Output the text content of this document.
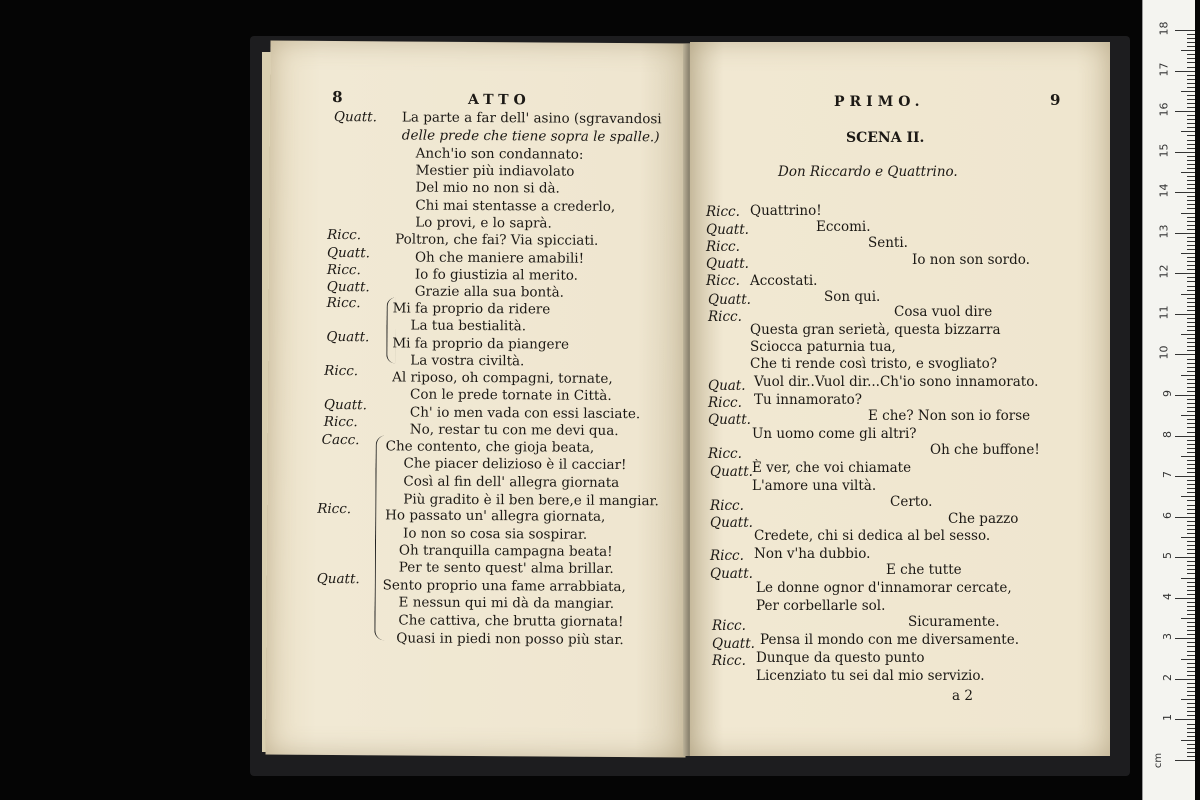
8	ATTO
Quatt. La parte a far dell' asino (sgravandosi
delle prede che tiene sopra le spalle.)
Anch'io son condannato:
Mestier più indiavolato
Del mio no non si dà.
Chi mai stentasse a crederlo,
Lo provi, e lo saprà.
Ricc.	Poltron, che fai? Via spicciati.
Quatt.	Oh che maniere amabili!
Ricc.	Io fo giustizia al merito.
Quatt.	Grazie alla sua bontà.
Ricc. Mi fa proprio da ridere
La tua bestialità.
Quatt. Mi fa proprio da piangere
La vostra civiltà.
Ricc.	Al riposo, oh compagni, tornate,
Con le prede tornate in Città.
Quatt.	Ch' io men vada con essi lasciate.
Ricc.	No, restar tu con me devi qua.
Cacc. Che contento, che gioja beata,
Che piacer delizioso è il cacciar!
Così al fin dell' allegra giornata
Più gradito è il ben bere,e il mangiar.
Ricc.	Ho passato un' allegra giornata,
Io non so cosa sia sospirar.
Oh tranquilla campagna beata!
Per te sento quest' alma brillar.
Quatt. Sento proprio una fame arrabbiata,
E nessun qui mi dà da mangiar.
Che cattiva, che brutta giornata!
Quasi in piedi non posso più star.
PRIMO.	9
SCENA II.
Don Riccardo e Quattrino.
Ricc. Quattrino!
Quatt.	Eccomi.
Ricc.	Senti.
Quatt.	Io non son sordo.
Ricc. Accostati.
Quatt.	Son qui.
Ricc.	Cosa vuol dire
Questa gran serietà, questa bizzarra
Sciocca paturnia tua,
Che ti rende così tristo, e svogliato?
Quat. Vuol dir..Vuol dir...Ch'io sono innamorato.
Ricc. Tu innamorato?
Quatt.	E che? Non son io forse
Un uomo come gli altri?
Ricc.	Oh che buffone!
Quatt. È ver, che voi chiamate
L'amore una viltà.
Ricc.	Certo.
Quatt.	Che pazzo
Credete, chi si dedica al bel sesso.
Ricc. Non v'ha dubbio.
Quatt.	E che tutte
Le donne ognor d'innamorar cercate,
Per corbellarle sol.
Ricc.	Sicuramente.
Quatt. Pensa il mondo con me diversamente.
Ricc. Dunque da questo punto
Licenziato tu sei dal mio servizio.
a 2
18
17
16
15
14
13
12
11
10
9
8
7
6
5
4
3
2
1
cm
